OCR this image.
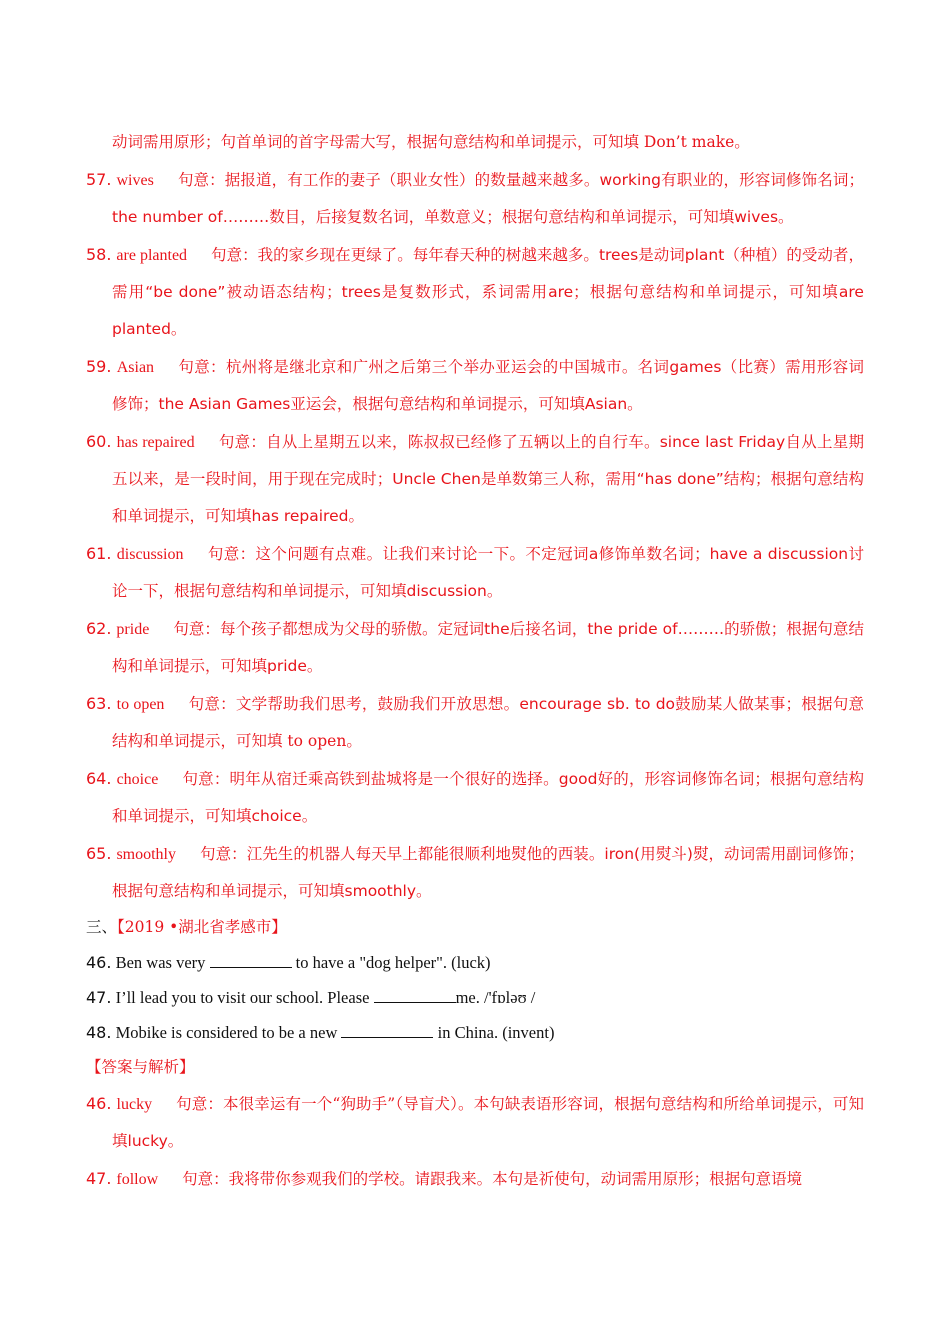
动词需用原形；句首单词的首字母需大写，根据句意结构和单词提示，可知填 Don’t make。
57. wives 句意：据报道，有工作的妻子（职业女性）的数量越来越多。working有职业的，形容词修饰名词；the number of………数目，后接复数名词，单数意义；根据句意结构和单词提示，可知填wives。
58. are planted 句意：我的家乡现在更绿了。每年春天种的树越来越多。trees是动词plant（种植）的受动者，需用“be done”被动语态结构；trees是复数形式，系词需用are；根据句意结构和单词提示，可知填are planted。
59. Asian 句意：杭州将是继北京和广州之后第三个举办亚运会的中国城市。名词games（比赛）需用形容词修饰；the Asian Games亚运会，根据句意结构和单词提示，可知填Asian。
60. has repaired 句意：自从上星期五以来，陈叔叔已经修了五辆以上的自行车。since last Friday自从上星期五以来，是一段时间，用于现在完成时；Uncle Chen是单数第三人称，需用“has done”结构；根据句意结构和单词提示，可知填has repaired。
61. discussion 句意：这个问题有点难。让我们来讨论一下。不定冠词a修饰单数名词；have a discussion讨论一下，根据句意结构和单词提示，可知填discussion。
62. pride 句意：每个孩子都想成为父母的骄傲。定冠词the后接名词，the pride of………的骄傲；根据句意结构和单词提示，可知填pride。
63. to open 句意：文学帮助我们思考，鼓励我们开放思想。encourage sb. to do鼓励某人做某事；根据句意结构和单词提示，可知填 to open。
64. choice 句意：明年从宿迁乘高铁到盐城将是一个很好的选择。good好的，形容词修饰名词；根据句意结构和单词提示，可知填choice。
65. smoothly 句意：江先生的机器人每天早上都能很顺利地熨他的西装。iron(用熨斗)熨，动词需用副词修饰；根据句意结构和单词提示，可知填smoothly。
三、【2019 •湖北省孝感市】
46. Ben was very	to have a "dog helper". (luck)
47. I’ll lead you to visit our school. Please	me. /'fɒləʊ /
48. Mobike is considered to be a new	in China. (invent)
【答案与解析】
46. lucky 句意：本很幸运有一个“狗助手”（导盲犬）。本句缺表语形容词，根据句意结构和所给单词提示，可知填lucky。
47. follow 句意：我将带你参观我们的学校。请跟我来。本句是祈使句，动词需用原形；根据句意语境
